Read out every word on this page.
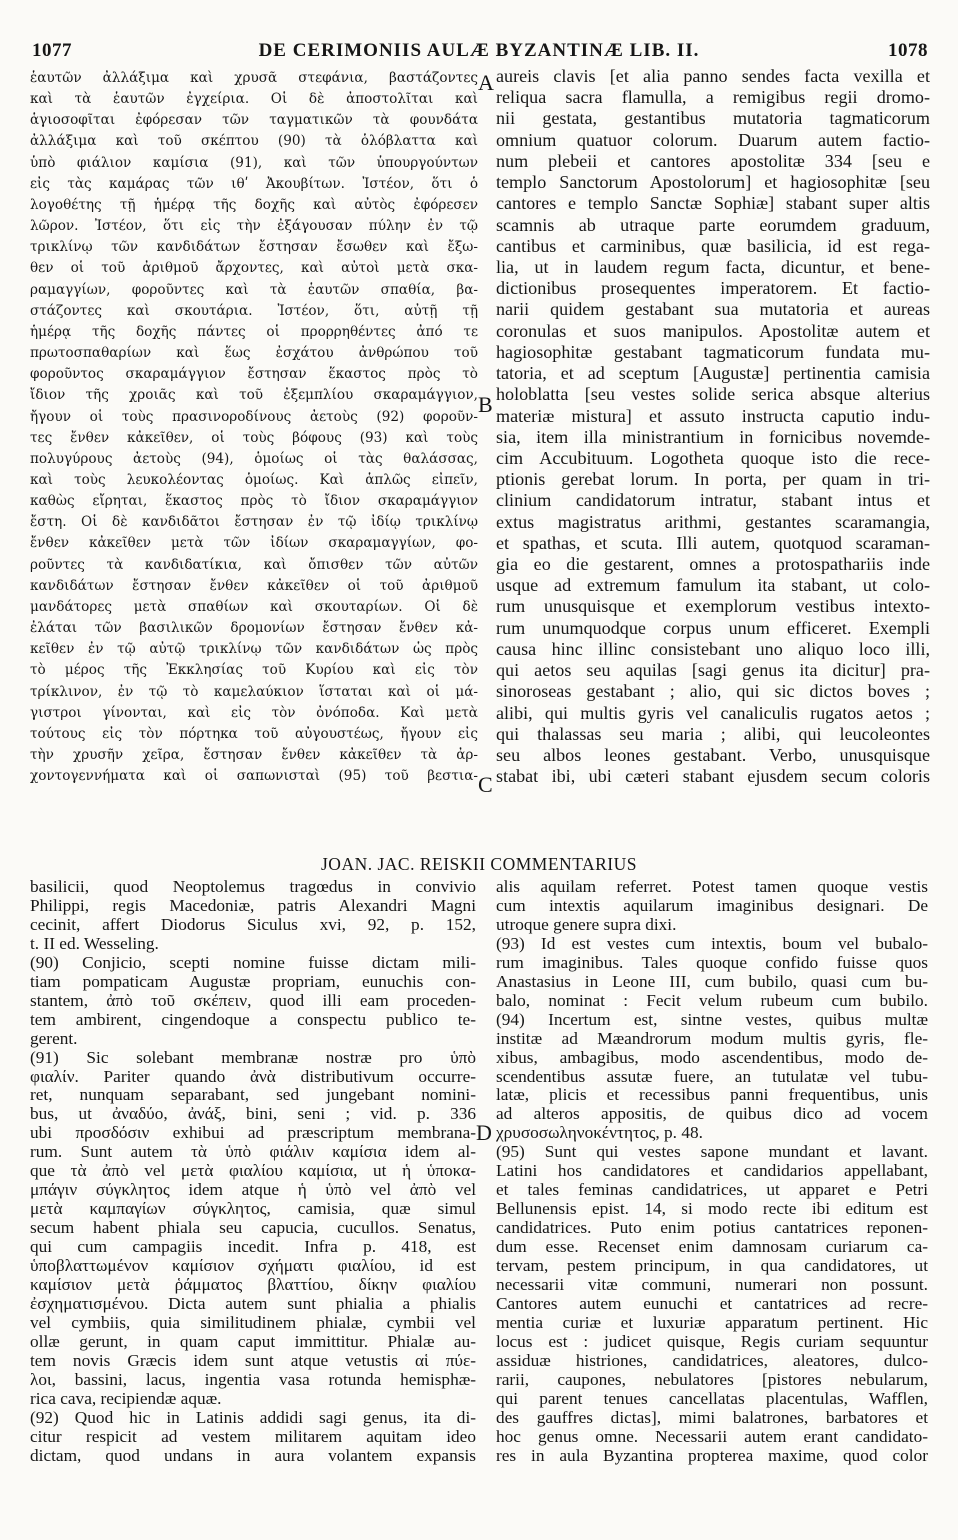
1077	DE CERIMONIIS AULÆ BYZANTINÆ LIB. II.	1078
ἑαυτῶν ἀλλάξιμα καὶ χρυσᾶ στεφάνια, βαστάζοντες
καὶ τὰ ἑαυτῶν ἐγχείρια. Οἱ δὲ ἀποστολῖται καὶ
ἁγιοσοφῖται ἐφόρεσαν τῶν ταγματικῶν τὰ φουνδάτα
ἀλλάξιμα καὶ τοῦ σκέπτου (90) τὰ ὁλόβλαττα καὶ
ὑπὸ φιάλιον καμίσια (91), καὶ τῶν ὑπουργούντων
εἰς τὰς καμάρας τῶν ιθʹ Ἀκουβίτων. Ἰστέον, ὅτι ὁ
λογοθέτης τῇ ἡμέρᾳ τῆς δοχῆς καὶ αὐτὸς ἐφόρεσεν
λῶρον. Ἰστέον, ὅτι εἰς τὴν ἐξάγουσαν πύλην ἐν τῷ
τρικλίνῳ τῶν κανδιδάτων ἔστησαν ἔσωθεν καὶ ἔξω-
θεν οἱ τοῦ ἀριθμοῦ ἄρχοντες, καὶ αὐτοὶ μετὰ σκα-
ραμαγγίων, φοροῦντες καὶ τὰ ἑαυτῶν σπαθία, βα-
στάζοντες καὶ σκουτάρια. Ἰστέον, ὅτι, αὐτῇ τῇ
ἡμέρᾳ τῆς δοχῆς πάντες οἱ προρρηθέντες ἀπό τε
πρωτοσπαθαρίων καὶ ἕως ἐσχάτου ἀνθρώπου τοῦ
φοροῦντος σκαραμάγγιον ἔστησαν ἕκαστος πρὸς τὸ
ἴδιον τῆς χροιᾶς καὶ τοῦ ἐξεμπλίου σκαραμάγγιον,
ἤγουν οἱ τοὺς πρασινοροδίνους ἀετοὺς (92) φοροῦν-
τες ἔνθεν κἀκεῖθεν, οἱ τοὺς βόφους (93) καὶ τοὺς
πολυγύρους ἀετοὺς (94), ὁμοίως οἱ τὰς θαλάσσας,
καὶ τοὺς λευκολέοντας ὁμοίως. Καὶ ἁπλῶς εἰπεῖν,
καθὼς εἴρηται, ἕκαστος πρὸς τὸ ἴδιον σκαραμάγγιον
ἔστη. Οἱ δὲ κανδιδᾶτοι ἔστησαν ἐν τῷ ἰδίῳ τρικλίνῳ
ἔνθεν κἀκεῖθεν μετὰ τῶν ἰδίων σκαραμαγγίων, φο-
ροῦντες τὰ κανδιδατίκια, καὶ ὄπισθεν τῶν αὐτῶν
κανδιδάτων ἔστησαν ἔνθεν κἀκεῖθεν οἱ τοῦ ἀριθμοῦ
μανδάτορες μετὰ σπαθίων καὶ σκουταρίων. Οἱ δὲ
ἐλάται τῶν βασιλικῶν δρομονίων ἔστησαν ἔνθεν κἀ-
κεῖθεν ἐν τῷ αὐτῷ τρικλίνῳ τῶν κανδιδάτων ὡς πρὸς
τὸ μέρος τῆς Ἐκκλησίας τοῦ Κυρίου καὶ εἰς τὸν
τρίκλινον, ἐν τῷ τὸ καμελαύκιον ἵσταται καὶ οἱ μά-
γιστροι γίνονται, καὶ εἰς τὸν ὀνόποδα. Καὶ μετὰ
τούτους εἰς τὸν πόρτηκα τοῦ αὐγουστέως, ἤγουν εἰς
τὴν χρυσῆν χεῖρα, ἔστησαν ἔνθεν κἀκεῖθεν τὰ ἀρ-
χοντογεννήματα καὶ οἱ σαπωνισταὶ (95) τοῦ βεστια-
aureis clavis [et alia panno sendes facta vexilla et
reliqua sacra flamulla, a remigibus regii dromo-
nii gestata, gestantibus mutatoria tagmaticorum
omnium quatuor colorum. Duarum autem factio-
num plebeii et cantores apostolitæ 334 [seu e
templo Sanctorum Apostolorum] et hagiosophitæ [seu
cantores e templo Sanctæ Sophiæ] stabant super altis
scamnis ab utraque parte eorumdem graduum,
cantibus et carminibus, quæ basilicia, id est rega-
lia, ut in laudem regum facta, dicuntur, et bene-
dictionibus prosequentes imperatorem. Et factio-
narii quidem gestabant sua mutatoria et aureas
coronulas et suos manipulos. Apostolitæ autem et
hagiosophitæ gestabant tagmaticorum fundata mu-
tatoria, et ad sceptum [Augustæ] pertinentia camisia
holoblatta [seu vestes solide serica absque alterius
materiæ mistura] et assuto instructa caputio indu-
sia, item illa ministrantium in fornicibus novemde-
cim Accubituum. Logotheta quoque isto die rece-
ptionis gerebat lorum. In porta, per quam in tri-
clinium candidatorum intratur, stabant intus et
extus magistratus arithmi, gestantes scaramangia,
et spathas, et scuta. Illi autem, quotquod scaraman-
gia eo die gestarent, omnes a protospathariis inde
usque ad extremum famulum ita stabant, ut colo-
rum unusquisque et exemplorum vestibus intexto-
rum unumquodque corpus unum efficeret. Exempli
causa hinc illinc consistebant uno aliquo loco illi,
qui aetos seu aquilas [sagi genus ita dicitur] pra-
sinoroseas gestabant ; alio, qui sic dictos boves ;
alibi, qui multis gyris vel canaliculis rugatos aetos ;
qui thalassas seu maria ; alibi, qui leucoleontes
seu albos leones gestabant. Verbo, unusquisque
stabat ibi, ubi cæteri stabant ejusdem secum coloris
A
B
C
D
JOAN. JAC. REISKII COMMENTARIUS
basilicii, quod Neoptolemus tragœdus in convivio
Philippi, regis Macedoniæ, patris Alexandri Magni
cecinit, affert Diodorus Siculus xvi, 92, p. 152,
t. II ed. Wesseling.
(90) Conjicio, scepti nomine fuisse dictam mili-
tiam pompaticam Augustæ propriam, eunuchis con-
stantem, ἀπὸ τοῦ σκέπειν, quod illi eam proceden-
tem ambirent, cingendoque a conspectu publico te-
gerent.
(91) Sic solebant membranæ nostræ pro ὑπὸ
φιαλίν. Pariter quando ἀνὰ distributivum occurre-
ret, nunquam separabant, sed jungebant nomini-
bus, ut ἀναδύο, ἀνάξ, bini, seni ; vid. p. 336
ubi προσδόσιν exhibui ad præscriptum membrana-
rum. Sunt autem τὰ ὑπὸ φιάλιν καμίσια idem al-
que τὰ ἀπὸ vel μετὰ φιαλίου καμίσια, ut ἡ ὑποκα-
μπάγιν σύγκλητος idem atque ἡ ὑπὸ vel ἀπὸ vel
μετὰ καμπαγίων σύγκλητος, camisia, quæ simul
secum habent phiala seu capucia, cucullos. Senatus,
qui cum campagiis incedit. Infra p. 418, est
ὑποβλαττωμένον καμίσιον σχήματι φιαλίου, id est
καμίσιον μετὰ ῥάμματος βλαττίου, δίκην φιαλίου
ἐσχηματισμένου. Dicta autem sunt phialia a phialis
vel cymbiis, quia similitudinem phialæ, cymbii vel
ollæ gerunt, in quam caput immittitur. Phialæ au-
tem novis Græcis idem sunt atque vetustis αἱ πύε-
λοι, bassini, lacus, ingentia vasa rotunda hemisphæ-
rica cava, recipiendæ aquæ.
(92) Quod hic in Latinis addidi sagi genus, ita di-
citur respicit ad vestem militarem aquitam ideo
dictam, quod undans in aura volantem expansis
alis aquilam referret. Potest tamen quoque vestis
cum intextis aquilarum imaginibus designari. De
utroque genere supra dixi.
(93) Id est vestes cum intextis, boum vel bubalo-
rum imaginibus. Tales quoque confido fuisse quos
Anastasius in Leone III, cum bubilo, quasi cum bu-
balo, nominat : Fecit velum rubeum cum bubilo.
(94) Incertum est, sintne vestes, quibus multæ
institæ ad Mæandrorum modum multis gyris, fle-
xibus, ambagibus, modo ascendentibus, modo de-
scendentibus assutæ fuere, an tutulatæ vel tubu-
latæ, plicis et recessibus panni frequentibus, unis
ad alteros appositis, de quibus dico ad vocem
χρυσοσωληνοκέντητος, p. 48.
(95) Sunt qui vestes sapone mundant et lavant.
Latini hos candidatores et candidarios appellabant,
et tales feminas candidatrices, ut apparet e Petri
Bellunensis epist. 14, si modo recte ibi editum est
candidatrices. Puto enim potius cantatrices reponen-
dum esse. Recenset enim damnosam curiarum ca-
tervam, pestem principum, in qua candidatores, ut
necessarii vitæ communi, numerari non possunt.
Cantores autem eunuchi et cantatrices ad recre-
mentia curiæ et luxuriæ apparatum pertinent. Hic
locus est : judicet quisque, Regis curiam sequuntur
assiduæ histriones, candidatrices, aleatores, dulco-
rarii, caupones, nebulatores [pistores nebularum,
qui parent tenues cancellatas placentulas, Wafflen,
des gauffres dictas], mimi balatrones, barbatores et
hoc genus omne. Necessarii autem erant candidato-
res in aula Byzantina propterea maxime, quod color
